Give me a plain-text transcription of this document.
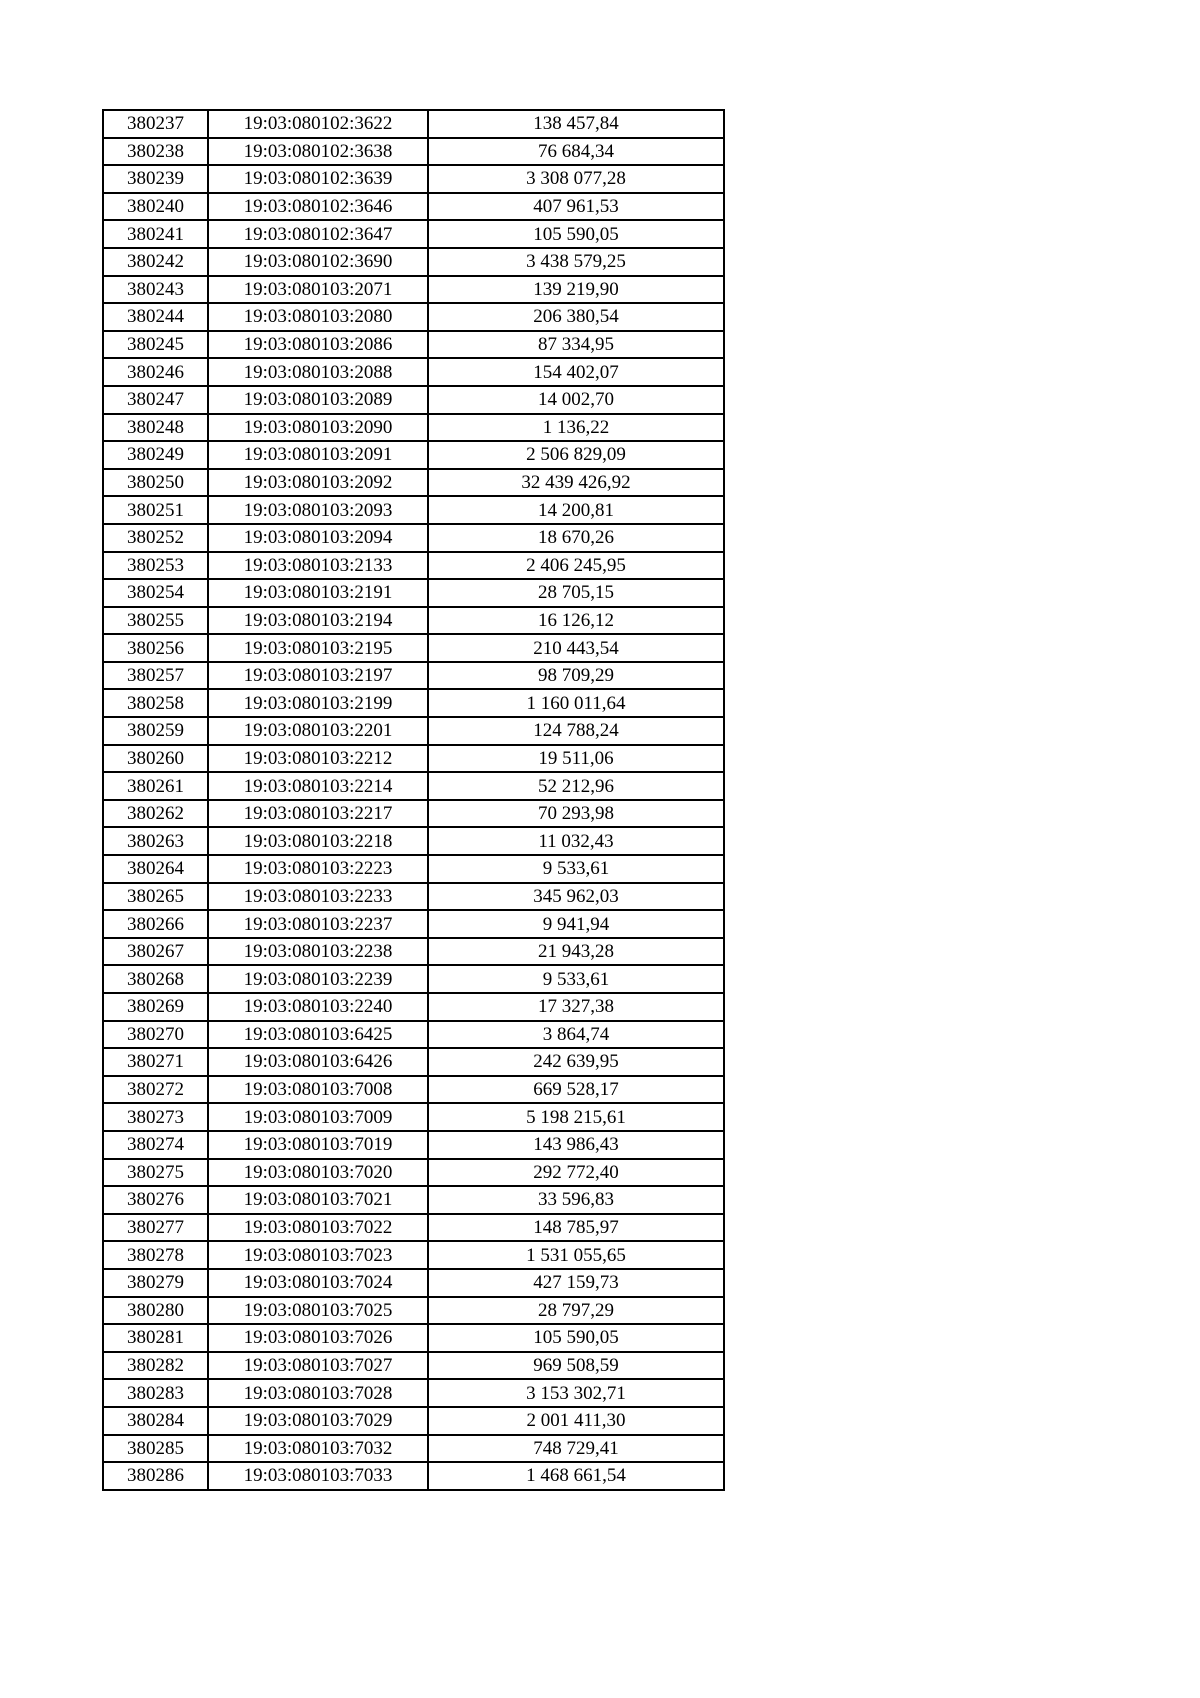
380237	19:03:080102:3622	138 457,84
380238	19:03:080102:3638	76 684,34
380239	19:03:080102:3639	3 308 077,28
380240	19:03:080102:3646	407 961,53
380241	19:03:080102:3647	105 590,05
380242	19:03:080102:3690	3 438 579,25
380243	19:03:080103:2071	139 219,90
380244	19:03:080103:2080	206 380,54
380245	19:03:080103:2086	87 334,95
380246	19:03:080103:2088	154 402,07
380247	19:03:080103:2089	14 002,70
380248	19:03:080103:2090	1 136,22
380249	19:03:080103:2091	2 506 829,09
380250	19:03:080103:2092	32 439 426,92
380251	19:03:080103:2093	14 200,81
380252	19:03:080103:2094	18 670,26
380253	19:03:080103:2133	2 406 245,95
380254	19:03:080103:2191	28 705,15
380255	19:03:080103:2194	16 126,12
380256	19:03:080103:2195	210 443,54
380257	19:03:080103:2197	98 709,29
380258	19:03:080103:2199	1 160 011,64
380259	19:03:080103:2201	124 788,24
380260	19:03:080103:2212	19 511,06
380261	19:03:080103:2214	52 212,96
380262	19:03:080103:2217	70 293,98
380263	19:03:080103:2218	11 032,43
380264	19:03:080103:2223	9 533,61
380265	19:03:080103:2233	345 962,03
380266	19:03:080103:2237	9 941,94
380267	19:03:080103:2238	21 943,28
380268	19:03:080103:2239	9 533,61
380269	19:03:080103:2240	17 327,38
380270	19:03:080103:6425	3 864,74
380271	19:03:080103:6426	242 639,95
380272	19:03:080103:7008	669 528,17
380273	19:03:080103:7009	5 198 215,61
380274	19:03:080103:7019	143 986,43
380275	19:03:080103:7020	292 772,40
380276	19:03:080103:7021	33 596,83
380277	19:03:080103:7022	148 785,97
380278	19:03:080103:7023	1 531 055,65
380279	19:03:080103:7024	427 159,73
380280	19:03:080103:7025	28 797,29
380281	19:03:080103:7026	105 590,05
380282	19:03:080103:7027	969 508,59
380283	19:03:080103:7028	3 153 302,71
380284	19:03:080103:7029	2 001 411,30
380285	19:03:080103:7032	748 729,41
380286	19:03:080103:7033	1 468 661,54
